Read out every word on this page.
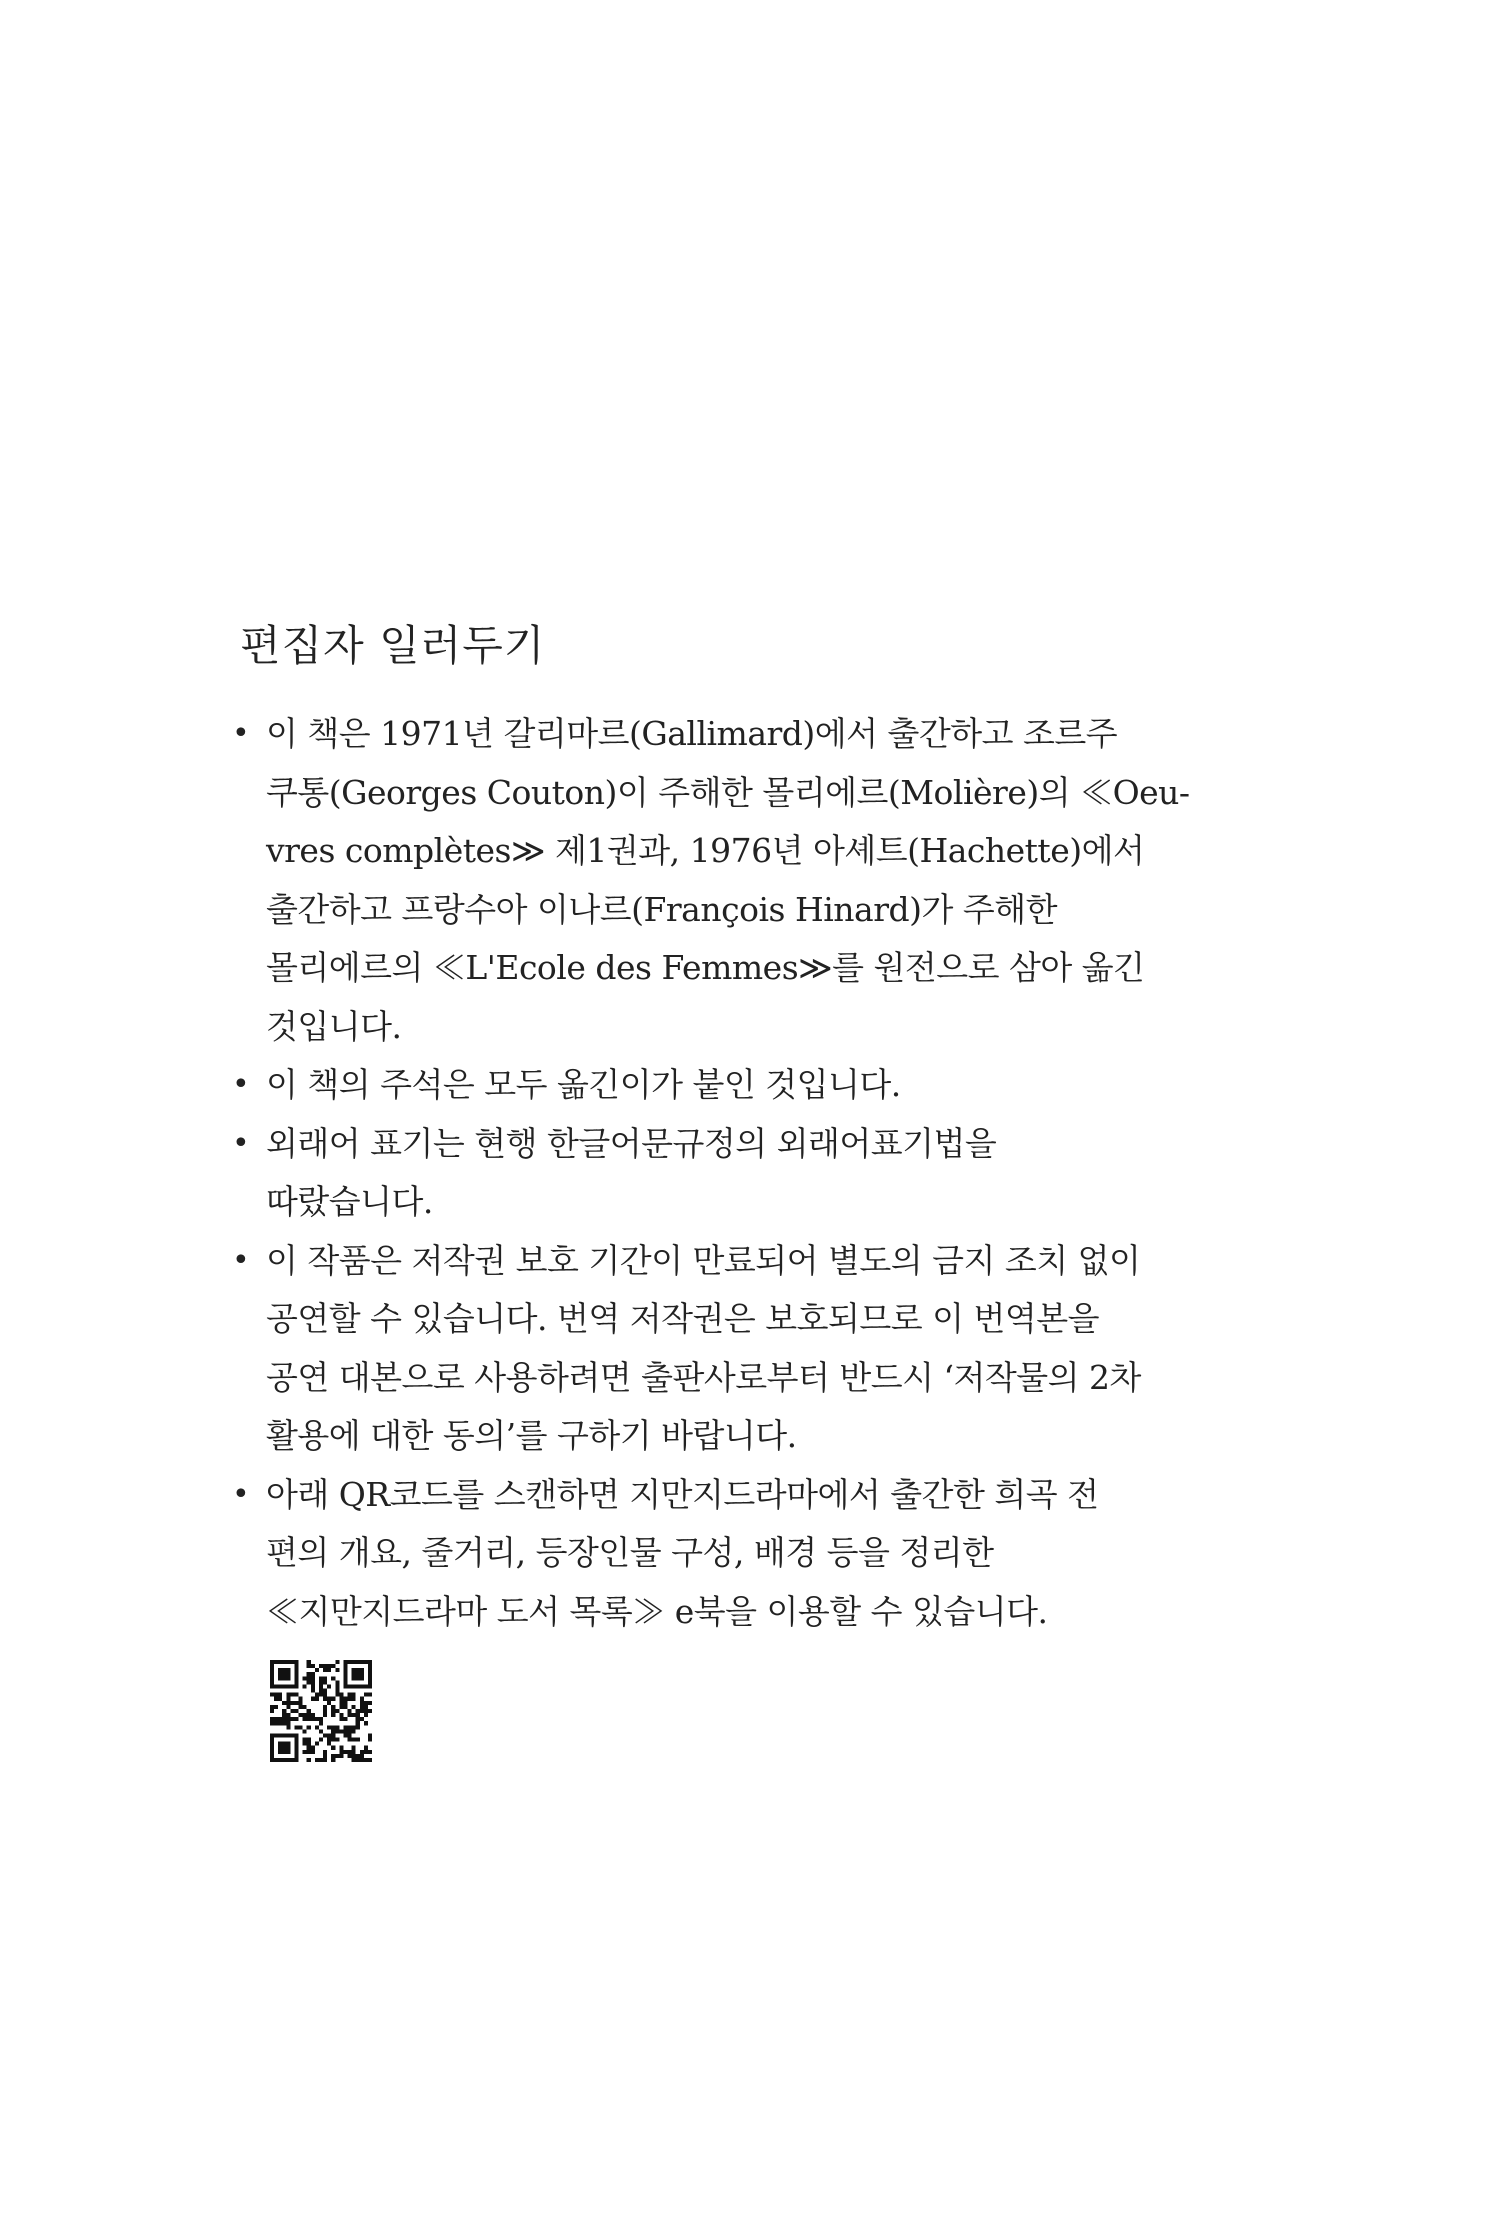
편집자 일러두기
• 이 책은 1971년 갈리마르(Gallimard)에서 출간하고 조르주
쿠통(Georges Couton)이 주해한 몰리에르(Molière)의 ≪Oeu-
vres complètes≫ 제1권과, 1976년 아셰트(Hachette)에서
출간하고 프랑수아 이나르(François Hinard)가 주해한
몰리에르의 ≪L'Ecole des Femmes≫를 원전으로 삼아 옮긴
것입니다.
• 이 책의 주석은 모두 옮긴이가 붙인 것입니다.
• 외래어 표기는 현행 한글어문규정의 외래어표기법을
따랐습니다.
• 이 작품은 저작권 보호 기간이 만료되어 별도의 금지 조치 없이
공연할 수 있습니다. 번역 저작권은 보호되므로 이 번역본을
공연 대본으로 사용하려면 출판사로부터 반드시 ‘저작물의 2차
활용에 대한 동의’를 구하기 바랍니다.
• 아래 QR코드를 스캔하면 지만지드라마에서 출간한 희곡 전
편의 개요, 줄거리, 등장인물 구성, 배경 등을 정리한
≪지만지드라마 도서 목록≫ e북을 이용할 수 있습니다.
